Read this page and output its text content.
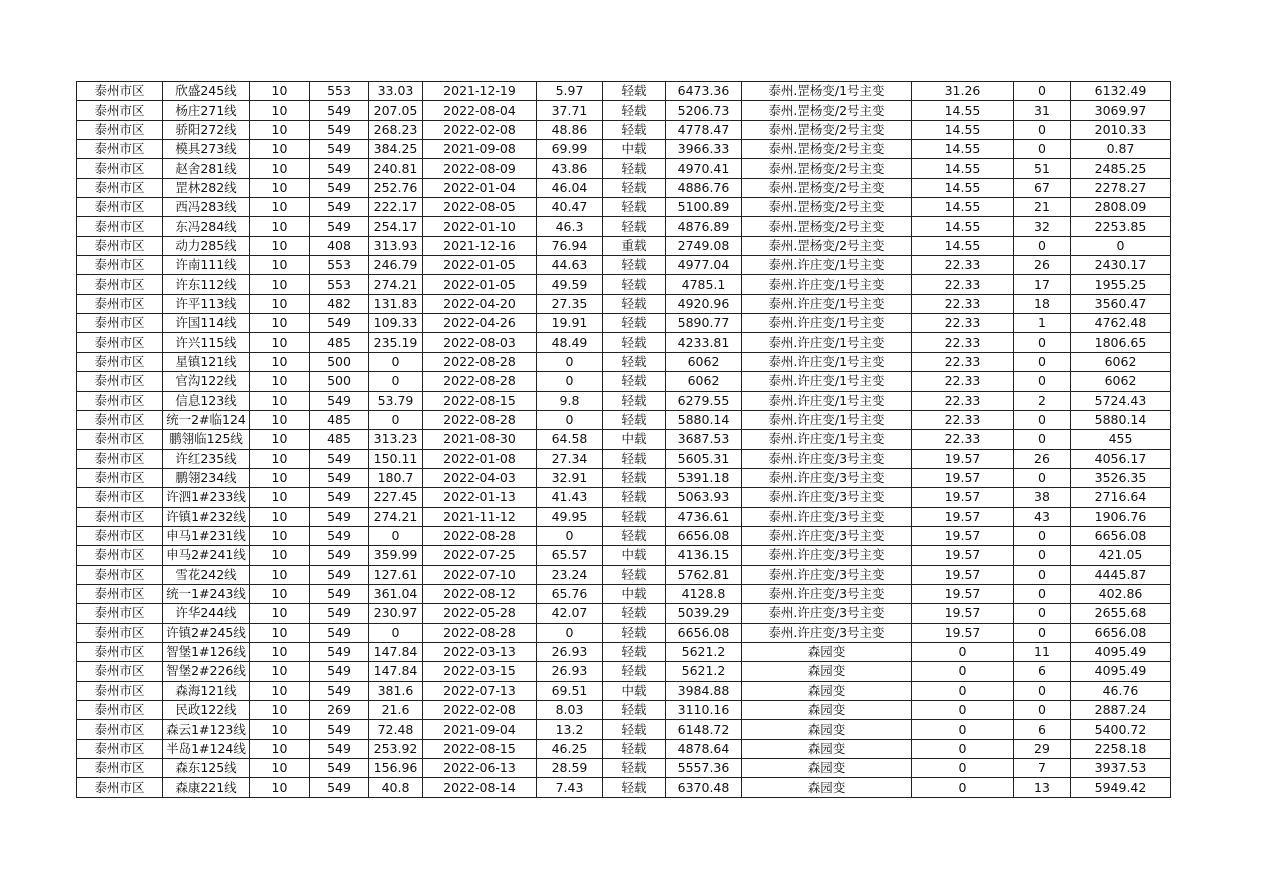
泰州市区	欣盛245线	10	553	33.03	2021-12-19	5.97	轻载	6473.36	泰州.罡杨变/1号主变	31.26	0	6132.49
泰州市区	杨庄271线	10	549	207.05	2022-08-04	37.71	轻载	5206.73	泰州.罡杨变/2号主变	14.55	31	3069.97
泰州市区	骄阳272线	10	549	268.23	2022-02-08	48.86	轻载	4778.47	泰州.罡杨变/2号主变	14.55	0	2010.33
泰州市区	模具273线	10	549	384.25	2021-09-08	69.99	中载	3966.33	泰州.罡杨变/2号主变	14.55	0	0.87
泰州市区	赵舍281线	10	549	240.81	2022-08-09	43.86	轻载	4970.41	泰州.罡杨变/2号主变	14.55	51	2485.25
泰州市区	罡林282线	10	549	252.76	2022-01-04	46.04	轻载	4886.76	泰州.罡杨变/2号主变	14.55	67	2278.27
泰州市区	西冯283线	10	549	222.17	2022-08-05	40.47	轻载	5100.89	泰州.罡杨变/2号主变	14.55	21	2808.09
泰州市区	东冯284线	10	549	254.17	2022-01-10	46.3	轻载	4876.89	泰州.罡杨变/2号主变	14.55	32	2253.85
泰州市区	动力285线	10	408	313.93	2021-12-16	76.94	重载	2749.08	泰州.罡杨变/2号主变	14.55	0	0
泰州市区	许南111线	10	553	246.79	2022-01-05	44.63	轻载	4977.04	泰州.许庄变/1号主变	22.33	26	2430.17
泰州市区	许东112线	10	553	274.21	2022-01-05	49.59	轻载	4785.1	泰州.许庄变/1号主变	22.33	17	1955.25
泰州市区	许平113线	10	482	131.83	2022-04-20	27.35	轻载	4920.96	泰州.许庄变/1号主变	22.33	18	3560.47
泰州市区	许国114线	10	549	109.33	2022-04-26	19.91	轻载	5890.77	泰州.许庄变/1号主变	22.33	1	4762.48
泰州市区	许兴115线	10	485	235.19	2022-08-03	48.49	轻载	4233.81	泰州.许庄变/1号主变	22.33	0	1806.65
泰州市区	星镇121线	10	500	0	2022-08-28	0	轻载	6062	泰州.许庄变/1号主变	22.33	0	6062
泰州市区	官沟122线	10	500	0	2022-08-28	0	轻载	6062	泰州.许庄变/1号主变	22.33	0	6062
泰州市区	信息123线	10	549	53.79	2022-08-15	9.8	轻载	6279.55	泰州.许庄变/1号主变	22.33	2	5724.43
泰州市区	统一2#临124	10	485	0	2022-08-28	0	轻载	5880.14	泰州.许庄变/1号主变	22.33	0	5880.14
泰州市区	鹏翎临125线	10	485	313.23	2021-08-30	64.58	中载	3687.53	泰州.许庄变/1号主变	22.33	0	455
泰州市区	许红235线	10	549	150.11	2022-01-08	27.34	轻载	5605.31	泰州.许庄变/3号主变	19.57	26	4056.17
泰州市区	鹏翎234线	10	549	180.7	2022-04-03	32.91	轻载	5391.18	泰州.许庄变/3号主变	19.57	0	3526.35
泰州市区	许泗1#233线	10	549	227.45	2022-01-13	41.43	轻载	5063.93	泰州.许庄变/3号主变	19.57	38	2716.64
泰州市区	许镇1#232线	10	549	274.21	2021-11-12	49.95	轻载	4736.61	泰州.许庄变/3号主变	19.57	43	1906.76
泰州市区	申马1#231线	10	549	0	2022-08-28	0	轻载	6656.08	泰州.许庄变/3号主变	19.57	0	6656.08
泰州市区	申马2#241线	10	549	359.99	2022-07-25	65.57	中载	4136.15	泰州.许庄变/3号主变	19.57	0	421.05
泰州市区	雪花242线	10	549	127.61	2022-07-10	23.24	轻载	5762.81	泰州.许庄变/3号主变	19.57	0	4445.87
泰州市区	统一1#243线	10	549	361.04	2022-08-12	65.76	中载	4128.8	泰州.许庄变/3号主变	19.57	0	402.86
泰州市区	许华244线	10	549	230.97	2022-05-28	42.07	轻载	5039.29	泰州.许庄变/3号主变	19.57	0	2655.68
泰州市区	许镇2#245线	10	549	0	2022-08-28	0	轻载	6656.08	泰州.许庄变/3号主变	19.57	0	6656.08
泰州市区	智堡1#126线	10	549	147.84	2022-03-13	26.93	轻载	5621.2	森园变	0	11	4095.49
泰州市区	智堡2#226线	10	549	147.84	2022-03-15	26.93	轻载	5621.2	森园变	0	6	4095.49
泰州市区	森海121线	10	549	381.6	2022-07-13	69.51	中载	3984.88	森园变	0	0	46.76
泰州市区	民政122线	10	269	21.6	2022-02-08	8.03	轻载	3110.16	森园变	0	0	2887.24
泰州市区	森云1#123线	10	549	72.48	2021-09-04	13.2	轻载	6148.72	森园变	0	6	5400.72
泰州市区	半岛1#124线	10	549	253.92	2022-08-15	46.25	轻载	4878.64	森园变	0	29	2258.18
泰州市区	森东125线	10	549	156.96	2022-06-13	28.59	轻载	5557.36	森园变	0	7	3937.53
泰州市区	森康221线	10	549	40.8	2022-08-14	7.43	轻载	6370.48	森园变	0	13	5949.42
